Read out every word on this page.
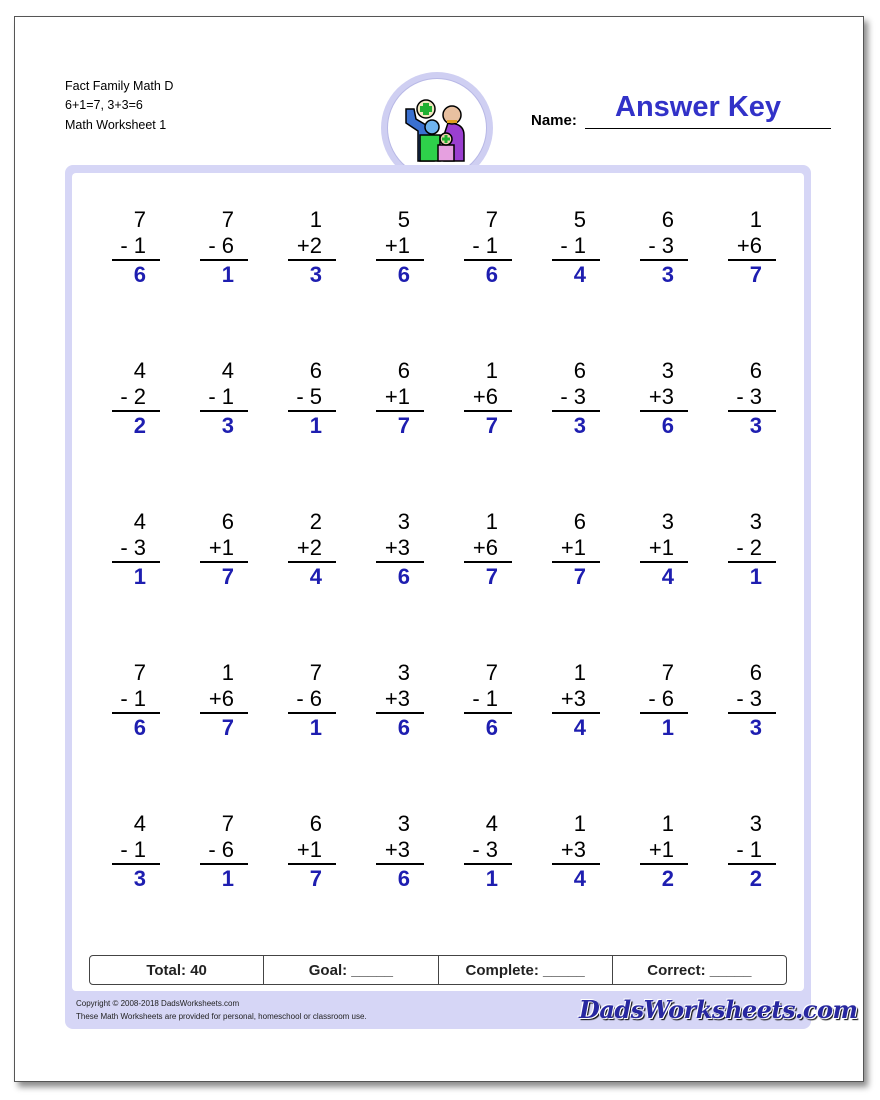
Fact Family Math D
6+1=7, 3+3=6
Math Worksheet 1
Answer Key
Name:
7
- 1
6
7
- 6
1
1
+2
3
5
+1
6
7
- 1
6
5
- 1
4
6
- 3
3
1
+6
7
4
- 2
2
4
- 1
3
6
- 5
1
6
+1
7
1
+6
7
6
- 3
3
3
+3
6
6
- 3
3
4
- 3
1
6
+1
7
2
+2
4
3
+3
6
1
+6
7
6
+1
7
3
+1
4
3
- 2
1
7
- 1
6
1
+6
7
7
- 6
1
3
+3
6
7
- 1
6
1
+3
4
7
- 6
1
6
- 3
3
4
- 1
3
7
- 6
1
6
+1
7
3
+3
6
4
- 3
1
1
+3
4
1
+1
2
3
- 1
2
Total: 40	Goal: _____	Complete: _____	Correct: _____
Copyright © 2008-2018 DadsWorksheets.com
These Math Worksheets are provided for personal, homeschool or classroom use.	DadsWorksheets.com
